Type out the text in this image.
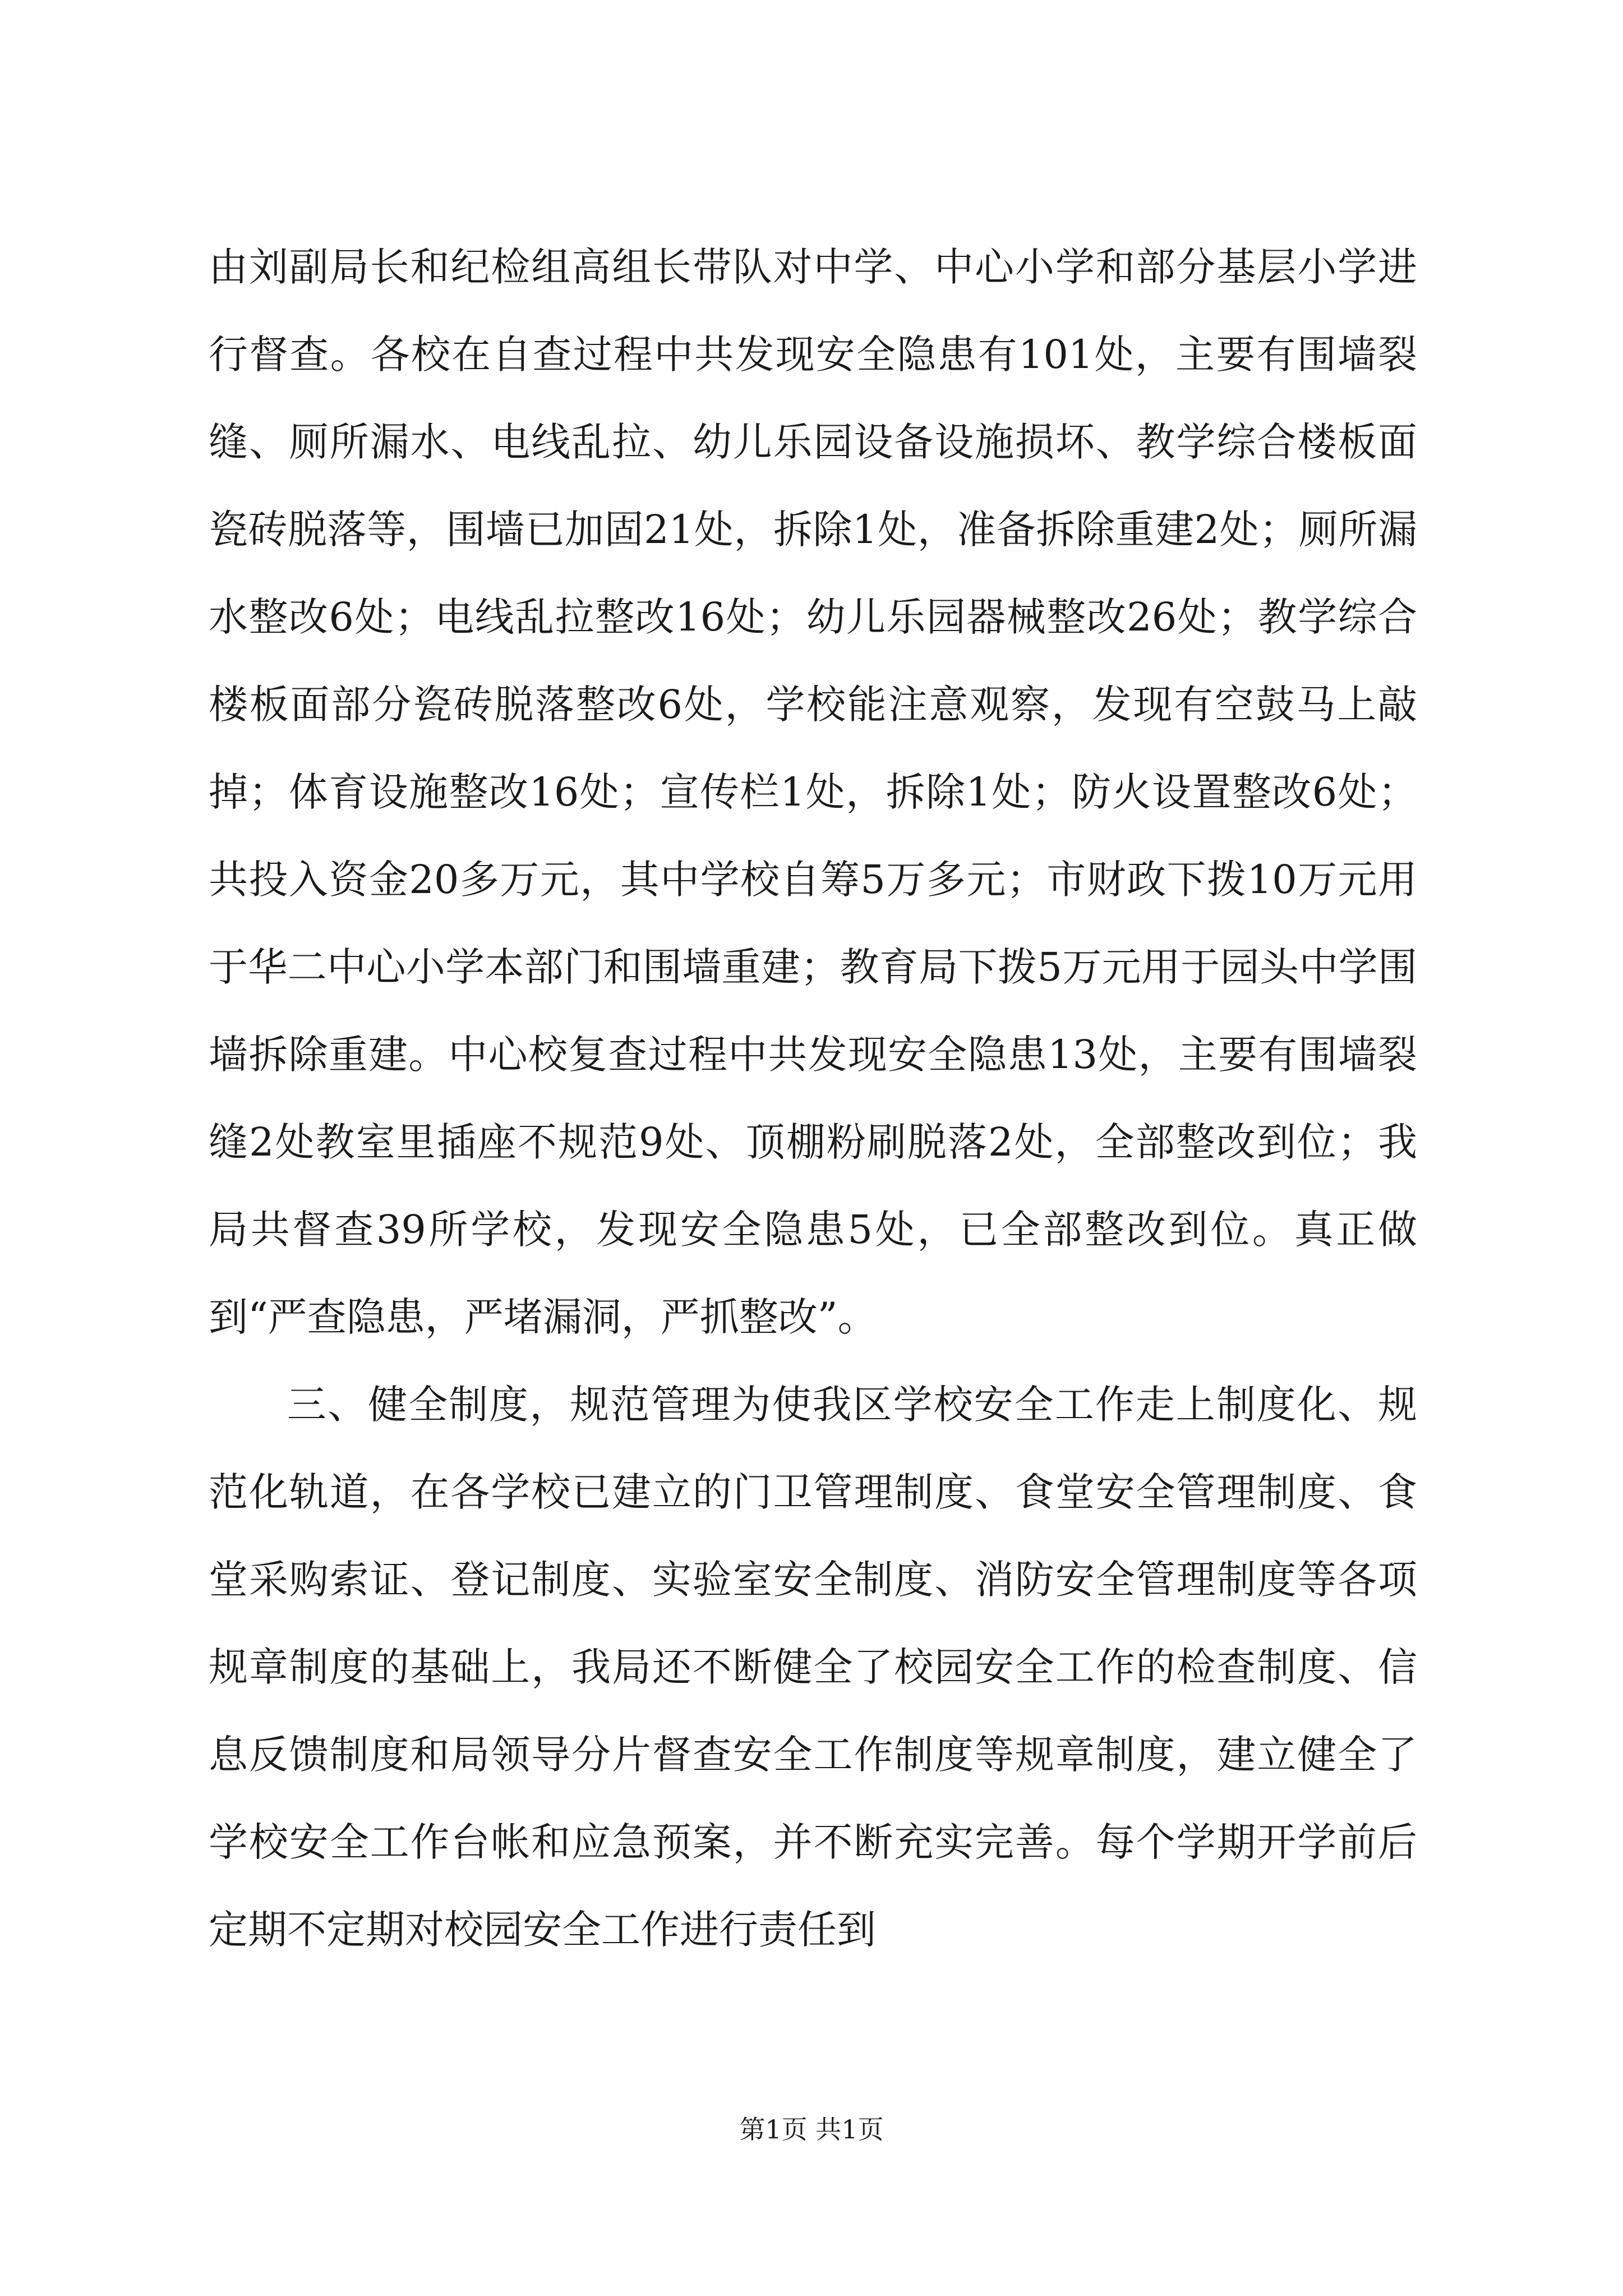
由刘副局长和纪检组高组长带队对中学、中心小学和部分基层小学进行督查。各校在自查过程中共发现安全隐患有101处，主要有围墙裂缝、厕所漏水、电线乱拉、幼儿乐园设备设施损坏、教学综合楼板面瓷砖脱落等，围墙已加固21处，拆除1处，准备拆除重建2处；厕所漏水整改6处；电线乱拉整改16处；幼儿乐园器械整改26处；教学综合楼板面部分瓷砖脱落整改6处，学校能注意观察，发现有空鼓马上敲掉；体育设施整改16处；宣传栏1处，拆除1处；防火设置整改6处；共投入资金20多万元，其中学校自筹5万多元；市财政下拨10万元用于华二中心小学本部门和围墙重建；教育局下拨5万元用于园头中学围墙拆除重建。中心校复查过程中共发现安全隐患13处，主要有围墙裂缝2处教室里插座不规范9处、顶棚粉刷脱落2处，全部整改到位；我局共督查39所学校，发现安全隐患5处，已全部整改到位。真正做到“严查隐患，严堵漏洞，严抓整改”。

三、健全制度，规范管理为使我区学校安全工作走上制度化、规范化轨道，在各学校已建立的门卫管理制度、食堂安全管理制度、食堂采购索证、登记制度、实验室安全制度、消防安全管理制度等各项规章制度的基础上，我局还不断健全了校园安全工作的检查制度、信息反馈制度和局领导分片督查安全工作制度等规章制度，建立健全了学校安全工作台帐和应急预案，并不断充实完善。每个学期开学前后定期不定期对校园安全工作进行责任到

第1页 共1页
